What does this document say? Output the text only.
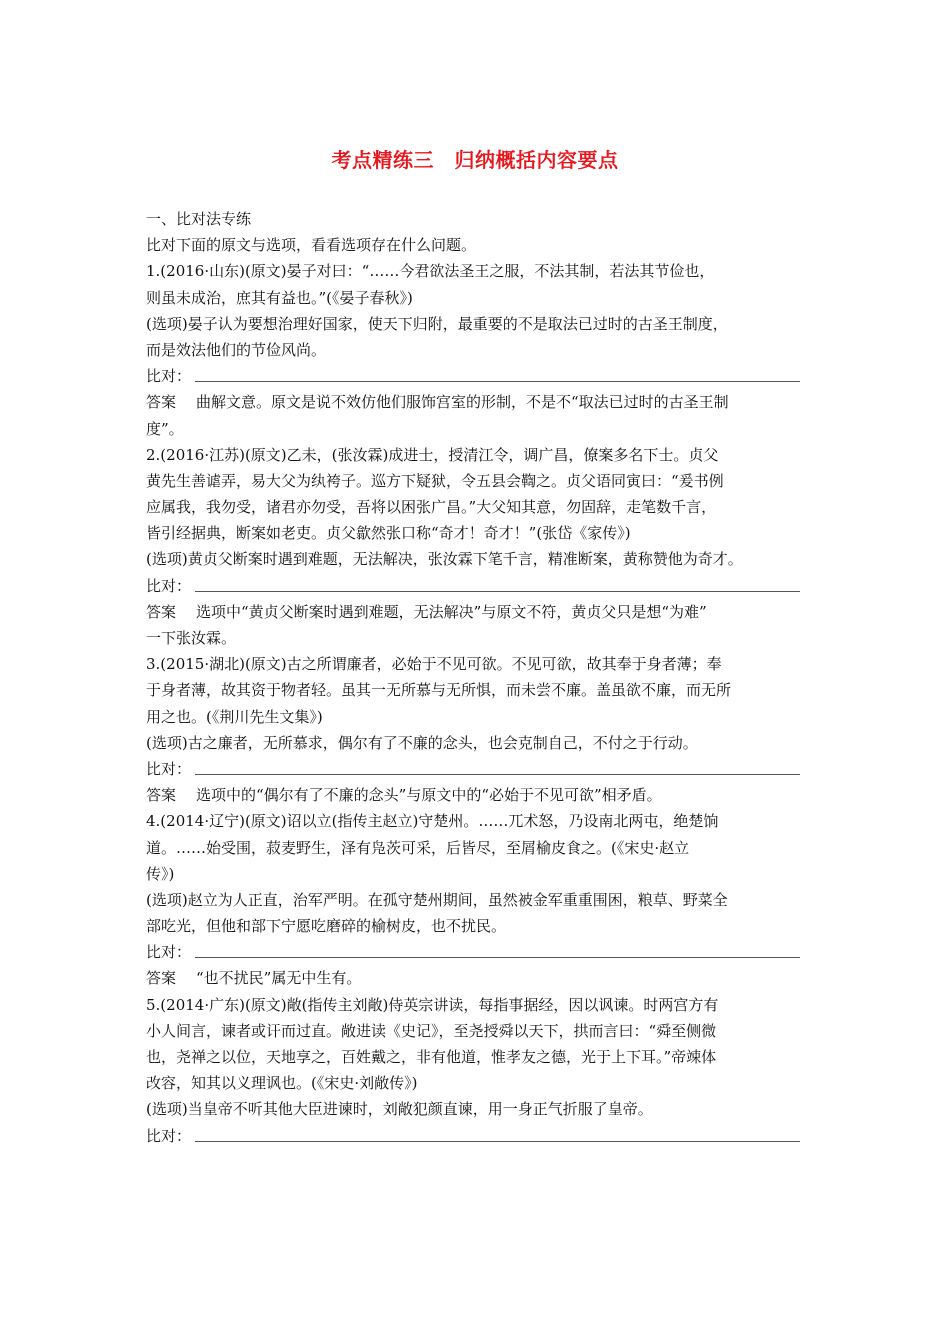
考点精练三　归纳概括内容要点
一、比对法专练
比对下面的原文与选项，看看选项存在什么问题。
1.(2016·山东)(原文)晏子对曰：“……今君欲法圣王之服，不法其制，若法其节俭也，
则虽未成治，庶其有益也。”(《晏子春秋》)
(选项)晏子认为要想治理好国家，使天下归附，最重要的不是取法已过时的古圣王制度，
而是效法他们的节俭风尚。
比对：
答案 曲解文意。原文是说不效仿他们服饰宫室的形制，不是不“取法已过时的古圣王制
度”。
2.(2016·江苏)(原文)乙未，(张汝霖)成进士，授清江令，调广昌，僚案多名下士。贞父
黄先生善谑弄，易大父为纨袴子。巡方下疑狱，令五县会鞫之。贞父语同寅曰：“爰书例
应属我，我勿受，诸君亦勿受，吾将以困张广昌。”大父知其意，勿固辞，走笔数千言，
皆引经据典，断案如老吏。贞父歙然张口称“奇才！奇才！”(张岱《家传》)
(选项)黄贞父断案时遇到难题，无法解决，张汝霖下笔千言，精准断案，黄称赞他为奇才。
比对：
答案 选项中“黄贞父断案时遇到难题，无法解决”与原文不符，黄贞父只是想“为难”
一下张汝霖。
3.(2015·湖北)(原文)古之所谓廉者，必始于不见可欲。不见可欲，故其奉于身者薄；奉
于身者薄，故其资于物者轻。虽其一无所慕与无所惧，而未尝不廉。盖虽欲不廉，而无所
用之也。(《荆川先生文集》)
(选项)古之廉者，无所慕求，偶尔有了不廉的念头，也会克制自己，不付之于行动。
比对：
答案 选项中的“偶尔有了不廉的念头”与原文中的“必始于不见可欲”相矛盾。
4.(2014·辽宁)(原文)诏以立(指传主赵立)守楚州。……兀术怒，乃设南北两屯，绝楚饷
道。……始受围，菽麦野生，泽有凫茨可采，后皆尽，至屑榆皮食之。(《宋史·赵立
传》)
(选项)赵立为人正直，治军严明。在孤守楚州期间，虽然被金军重重围困，粮草、野菜全
部吃光，但他和部下宁愿吃磨碎的榆树皮，也不扰民。
比对：
答案 “也不扰民”属无中生有。
5.(2014·广东)(原文)敞(指传主刘敞)侍英宗讲读，每指事据经，因以讽谏。时两宫方有
小人间言，谏者或讦而过直。敞进读《史记》，至尧授舜以天下，拱而言曰：“舜至侧微
也，尧禅之以位，天地享之，百姓戴之，非有他道，惟孝友之德，光于上下耳。”帝竦体
改容，知其以义理讽也。(《宋史·刘敞传》)
(选项)当皇帝不听其他大臣进谏时，刘敞犯颜直谏，用一身正气折服了皇帝。
比对：
